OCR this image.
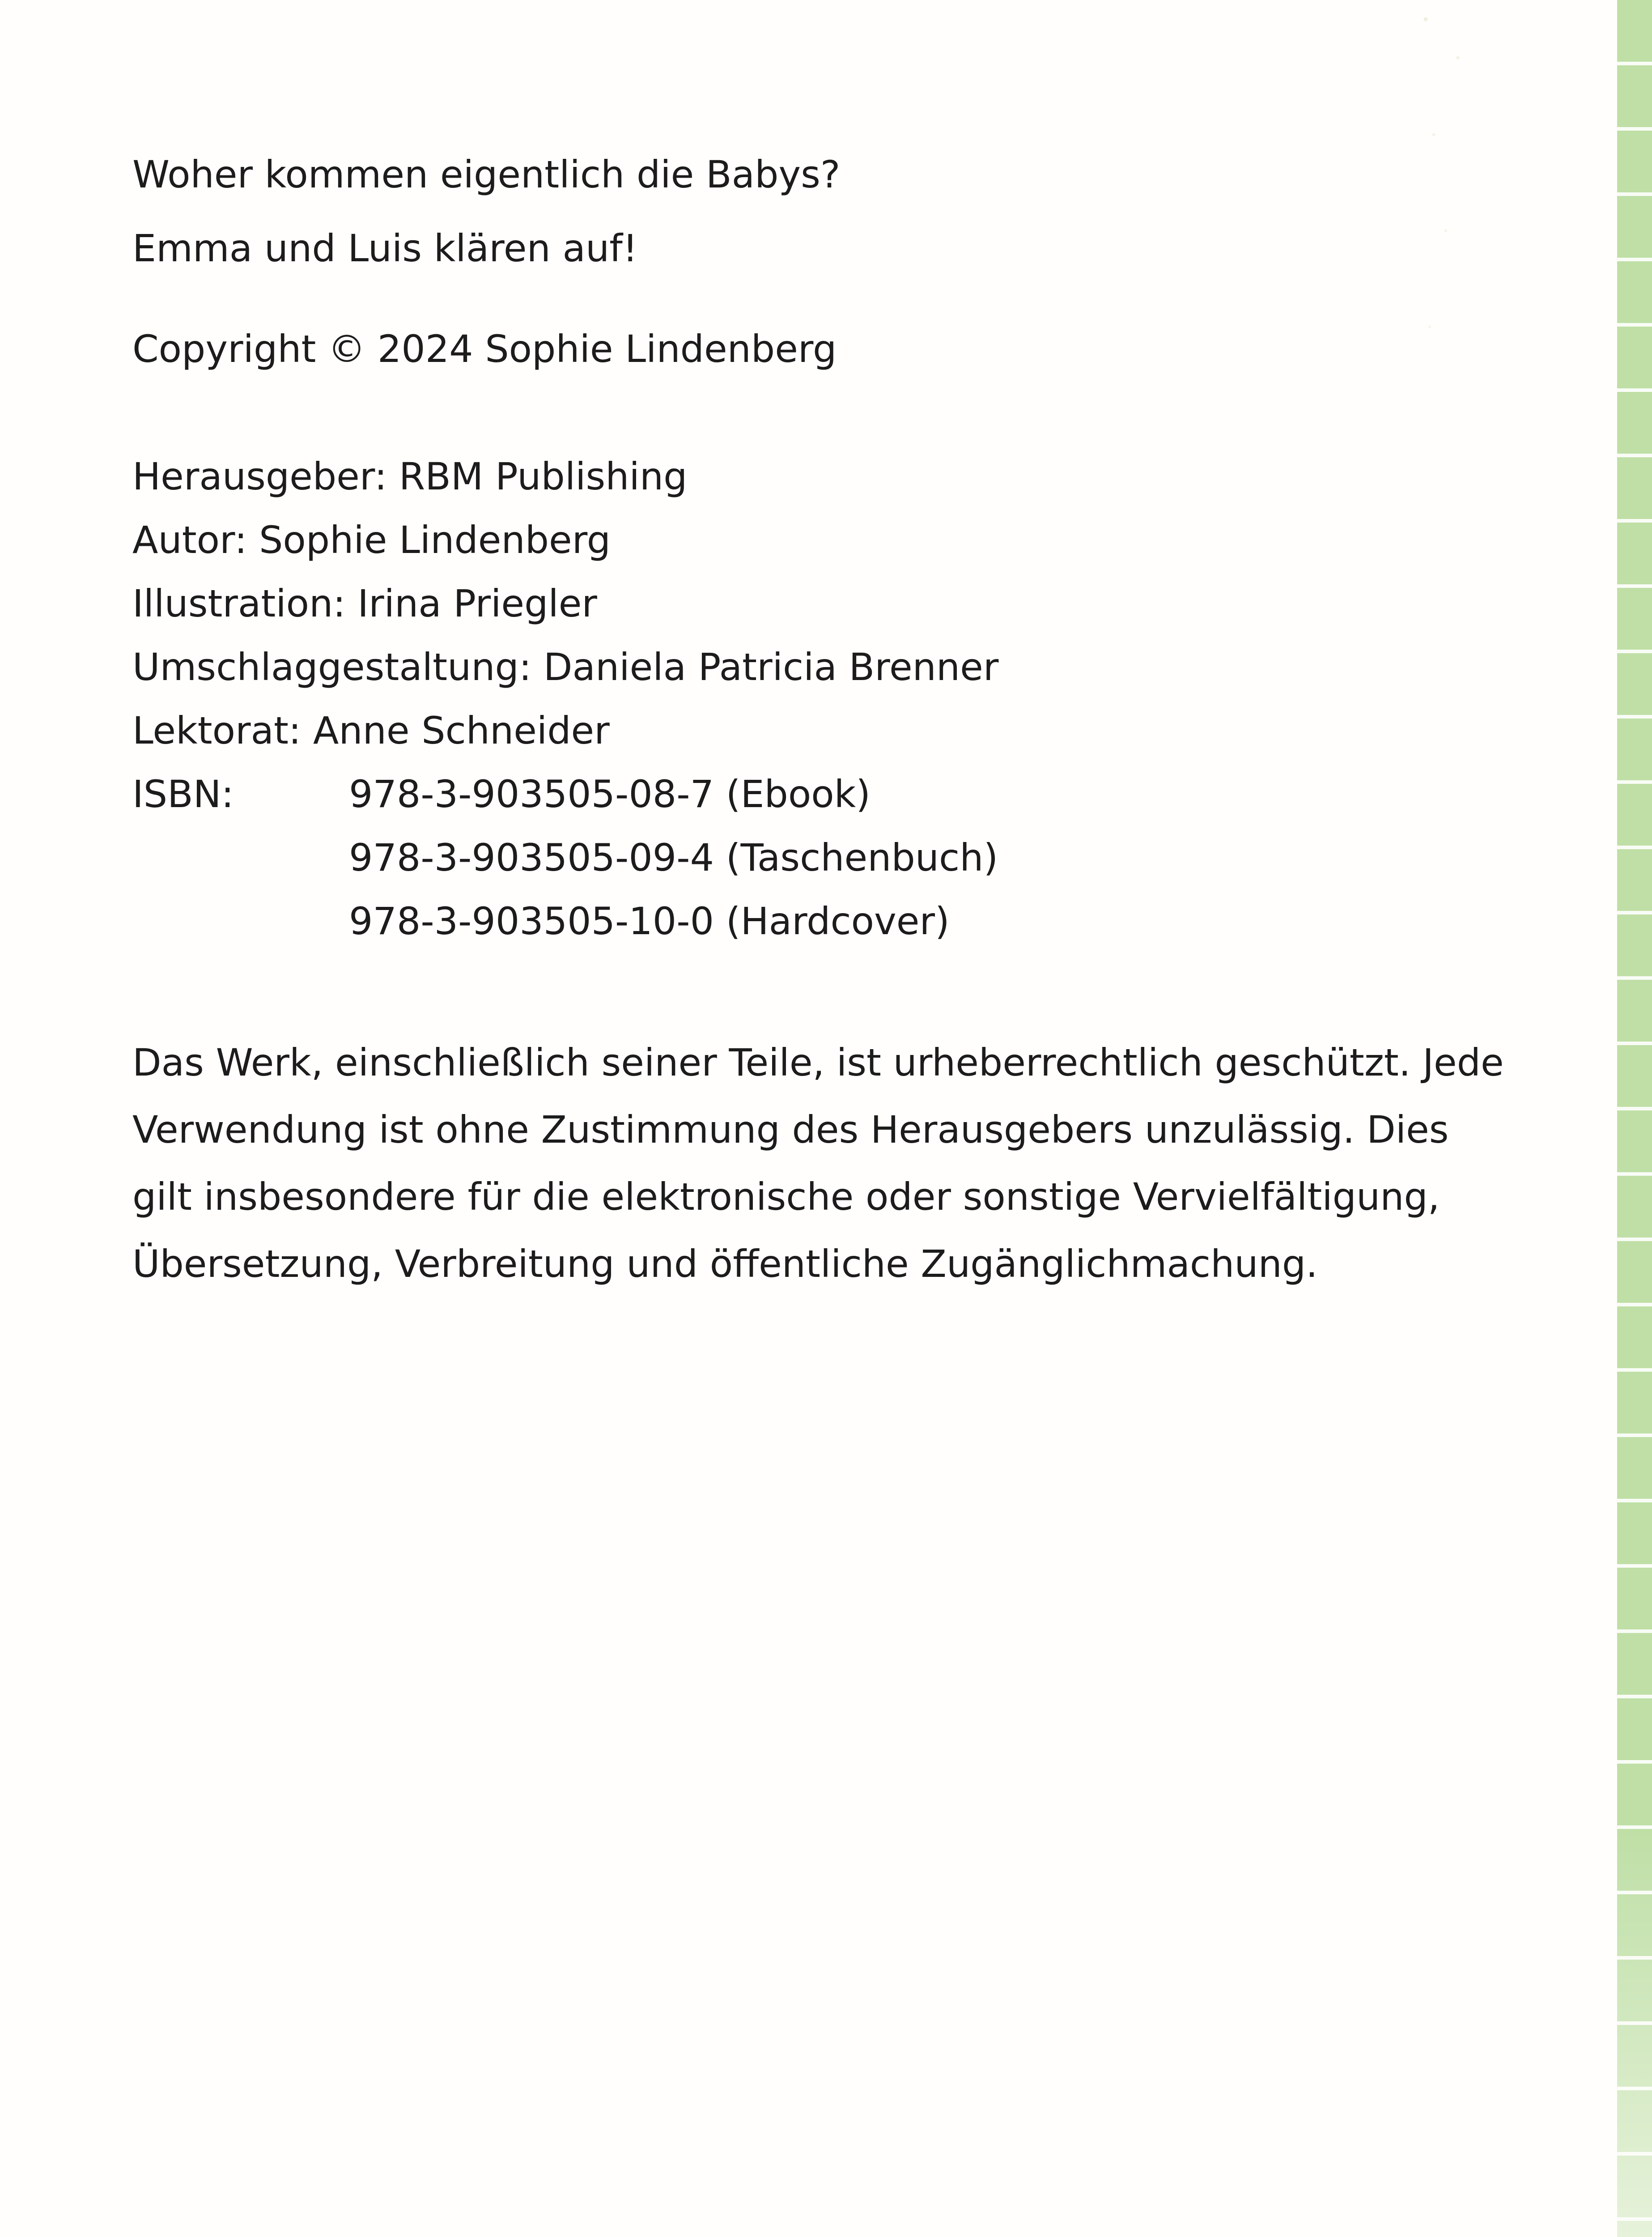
Woher kommen eigentlich die Babys?
Emma und Luis klären auf!
Copyright © 2024 Sophie Lindenberg
Herausgeber: RBM Publishing
Autor: Sophie Lindenberg
Illustration: Irina Priegler
Umschlaggestaltung: Daniela Patricia Brenner
Lektorat: Anne Schneider
ISBN:	978-3-903505-08-7 (Ebook)
978-3-903505-09-4 (Taschenbuch)
978-3-903505-10-0 (Hardcover)
Das Werk, einschließlich seiner Teile, ist urheberrechtlich geschützt. Jede
Verwendung ist ohne Zustimmung des Herausgebers unzulässig. Dies
gilt insbesondere für die elektronische oder sonstige Vervielfältigung,
Übersetzung, Verbreitung und öffentliche Zugänglichmachung.
